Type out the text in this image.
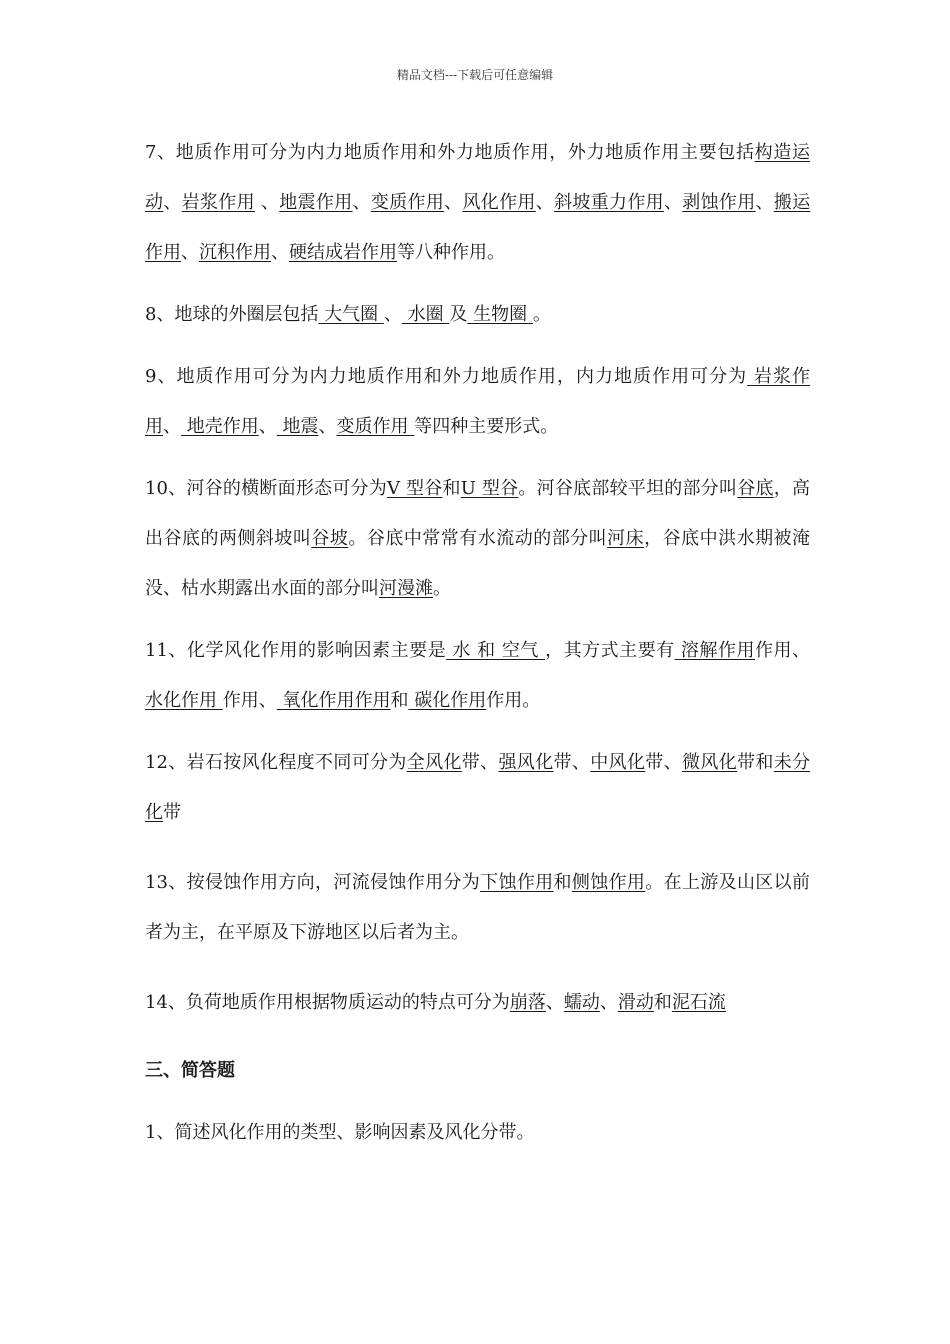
精品文档---下载后可任意编辑

7、地质作用可分为内力地质作用和外力地质作用，外力地质作用主要包括构造运动、岩浆作用 、地震作用、变质作用、风化作用、斜坡重力作用、剥蚀作用、搬运作用、沉积作用、硬结成岩作用等八种作用。

8、地球的外圈层包括 大气圈 、 水圈 及 生物圈 。

9、地质作用可分为内力地质作用和外力地质作用，内力地质作用可分为 岩浆作用、 地壳作用、 地震、变质作用 等四种主要形式。

10、河谷的横断面形态可分为V 型谷和U 型谷。河谷底部较平坦的部分叫谷底，高出谷底的两侧斜坡叫谷坡。谷底中常常有水流动的部分叫河床，谷底中洪水期被淹没、枯水期露出水面的部分叫河漫滩。

11、化学风化作用的影响因素主要是 水 和 空气 ，其方式主要有 溶解作用作用、 水化作用 作用、 氧化作用作用和 碳化作用作用。

12、岩石按风化程度不同可分为全风化带、强风化带、中风化带、微风化带和未分化带

13、按侵蚀作用方向，河流侵蚀作用分为下蚀作用和侧蚀作用。在上游及山区以前者为主，在平原及下游地区以后者为主。

14、负荷地质作用根据物质运动的特点可分为崩落、蠕动、滑动和泥石流

三、简答题

1、简述风化作用的类型、影响因素及风化分带。
